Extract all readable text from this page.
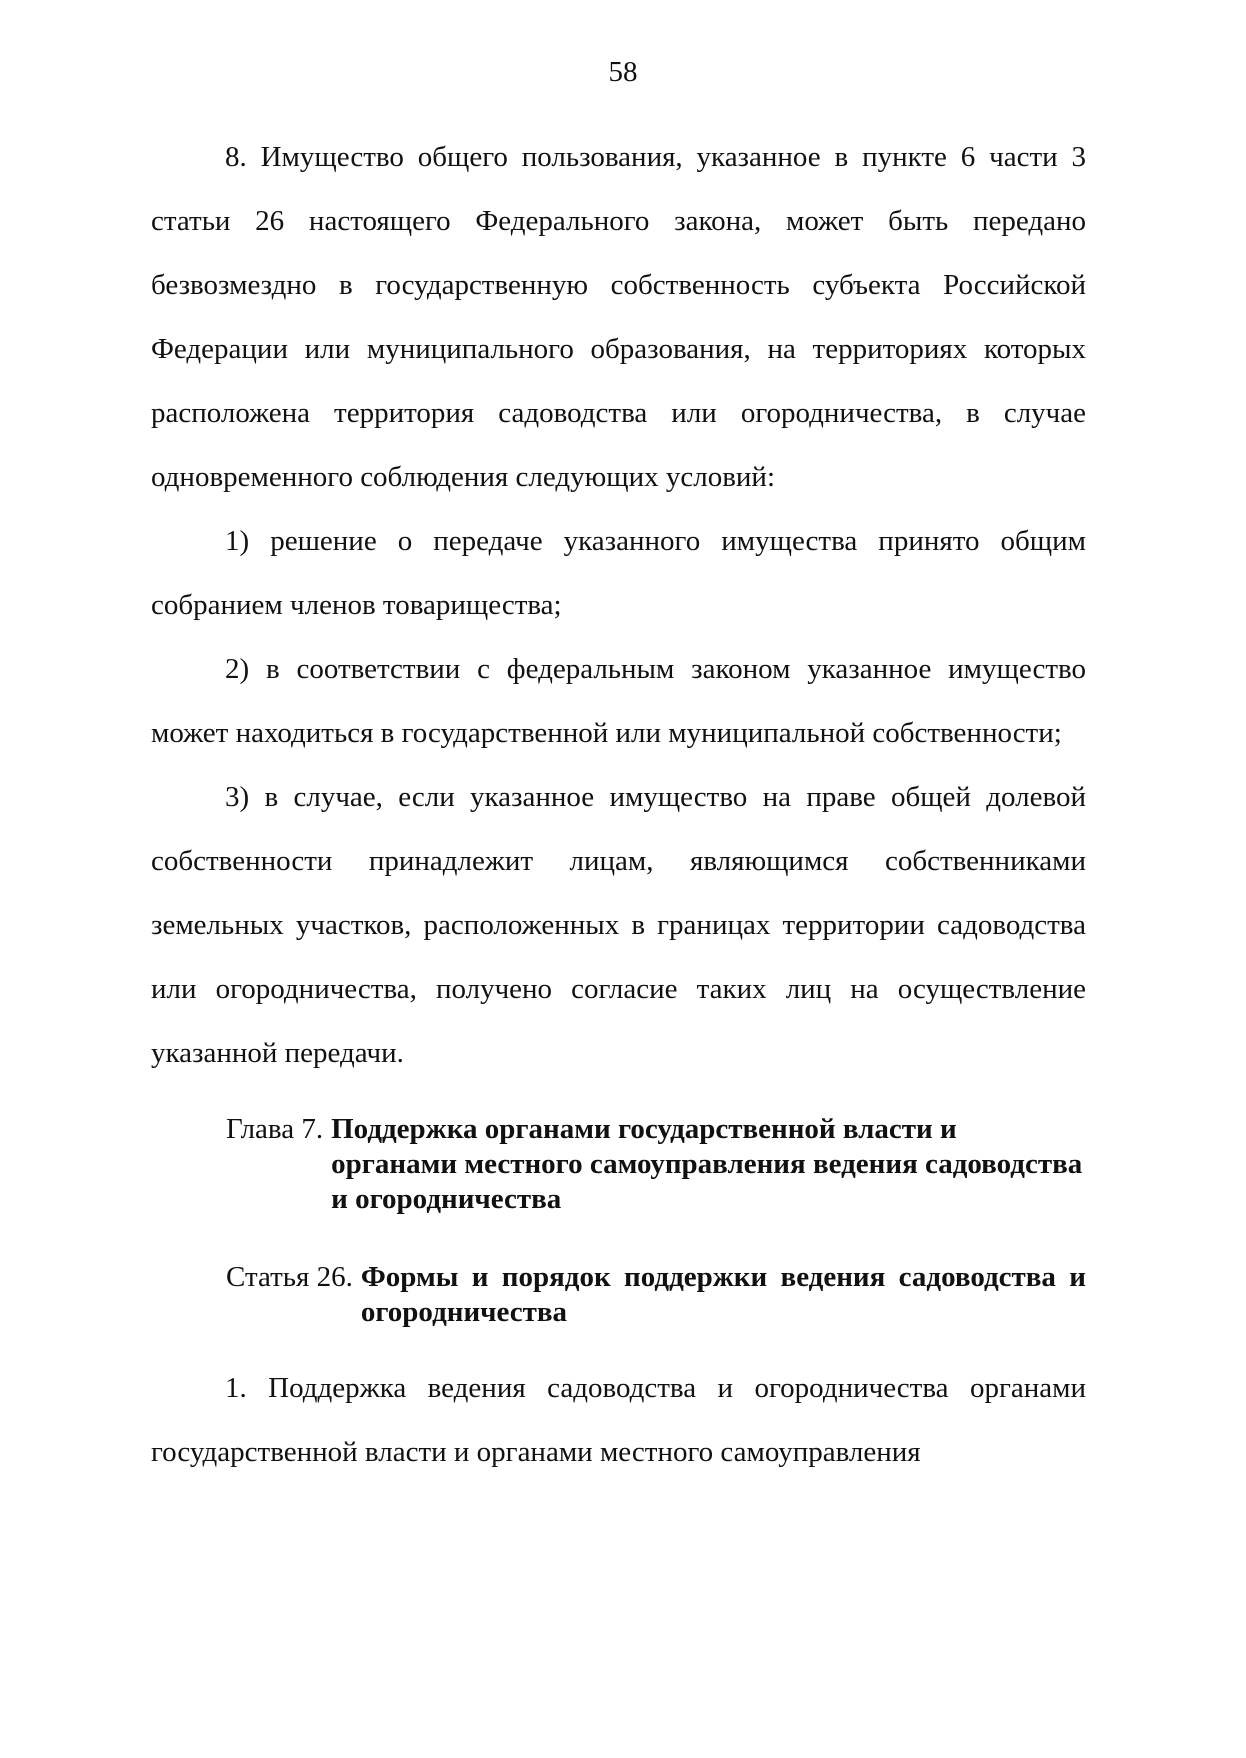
58

8. Имущество общего пользования, указанное в пункте 6 части 3 статьи 26 настоящего Федерального закона, может быть передано безвозмездно в государственную собственность субъекта Российской Федерации или муниципального образования, на территориях которых расположена территория садоводства или огородничества, в случае одновременного соблюдения следующих условий:

1) решение о передаче указанного имущества принято общим собранием членов товарищества;

2) в соответствии с федеральным законом указанное имущество может находиться в государственной или муниципальной собственности;

3) в случае, если указанное имущество на праве общей долевой собственности принадлежит лицам, являющимся собственниками земельных участков, расположенных в границах территории садоводства или огородничества, получено согласие таких лиц на осуществление указанной передачи.

Глава 7. Поддержка органами государственной власти и органами местного самоуправления ведения садоводства и огородничества
Статья 26. Формы и порядок поддержки ведения садоводства и огородничества

1. Поддержка ведения садоводства и огородничества органами государственной власти и органами местного самоуправления
